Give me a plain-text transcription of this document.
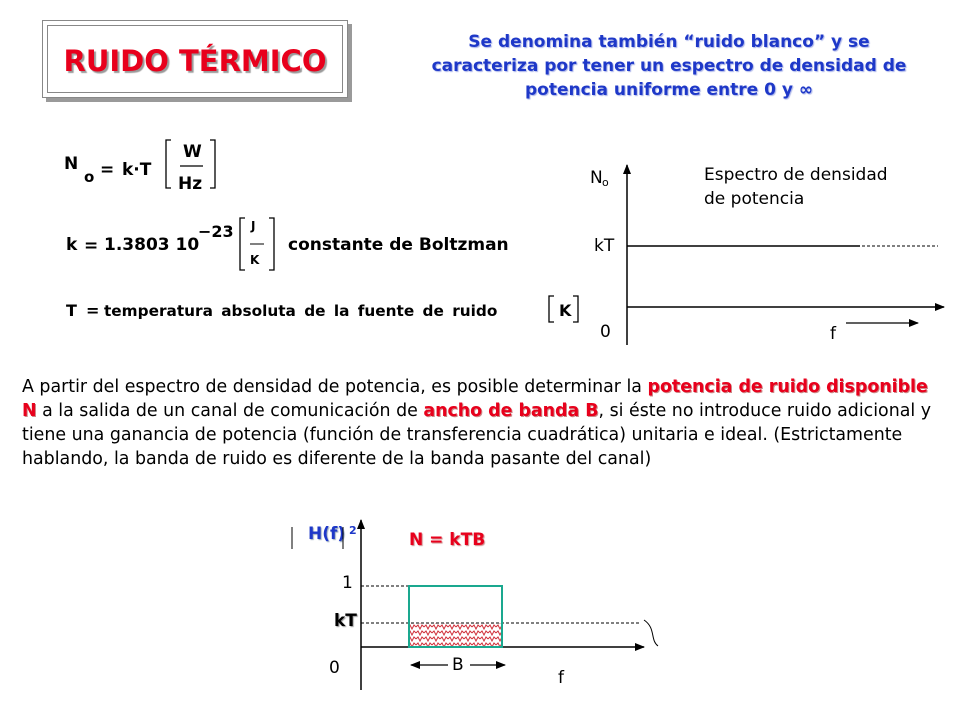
RUIDO TÉRMICO
Se denomina también “ruido blanco” y se
caracteriza por tener un espectro de densidad de
potencia uniforme entre 0 y ∞
N
o = k·T
W
Hz
k = 1.3803 10
−23 J
K
constante de Boltzman
T = temperatura absoluta de la fuente de ruido	K
N o
kT
0	f
Espectro de densidad
de potencia
A partir del espectro de densidad de potencia, es posible determinar la potencia de ruido disponible N a la salida de un canal de comunicación de ancho de banda B, si éste no introduce ruido adicional y tiene una ganancia de potencia (función de transferencia cuadrática) unitaria e ideal. (Estrictamente hablando, la banda de ruido es diferente de la banda pasante del canal)
H(f) 2	N = kTB
1
kT
0	B
f
